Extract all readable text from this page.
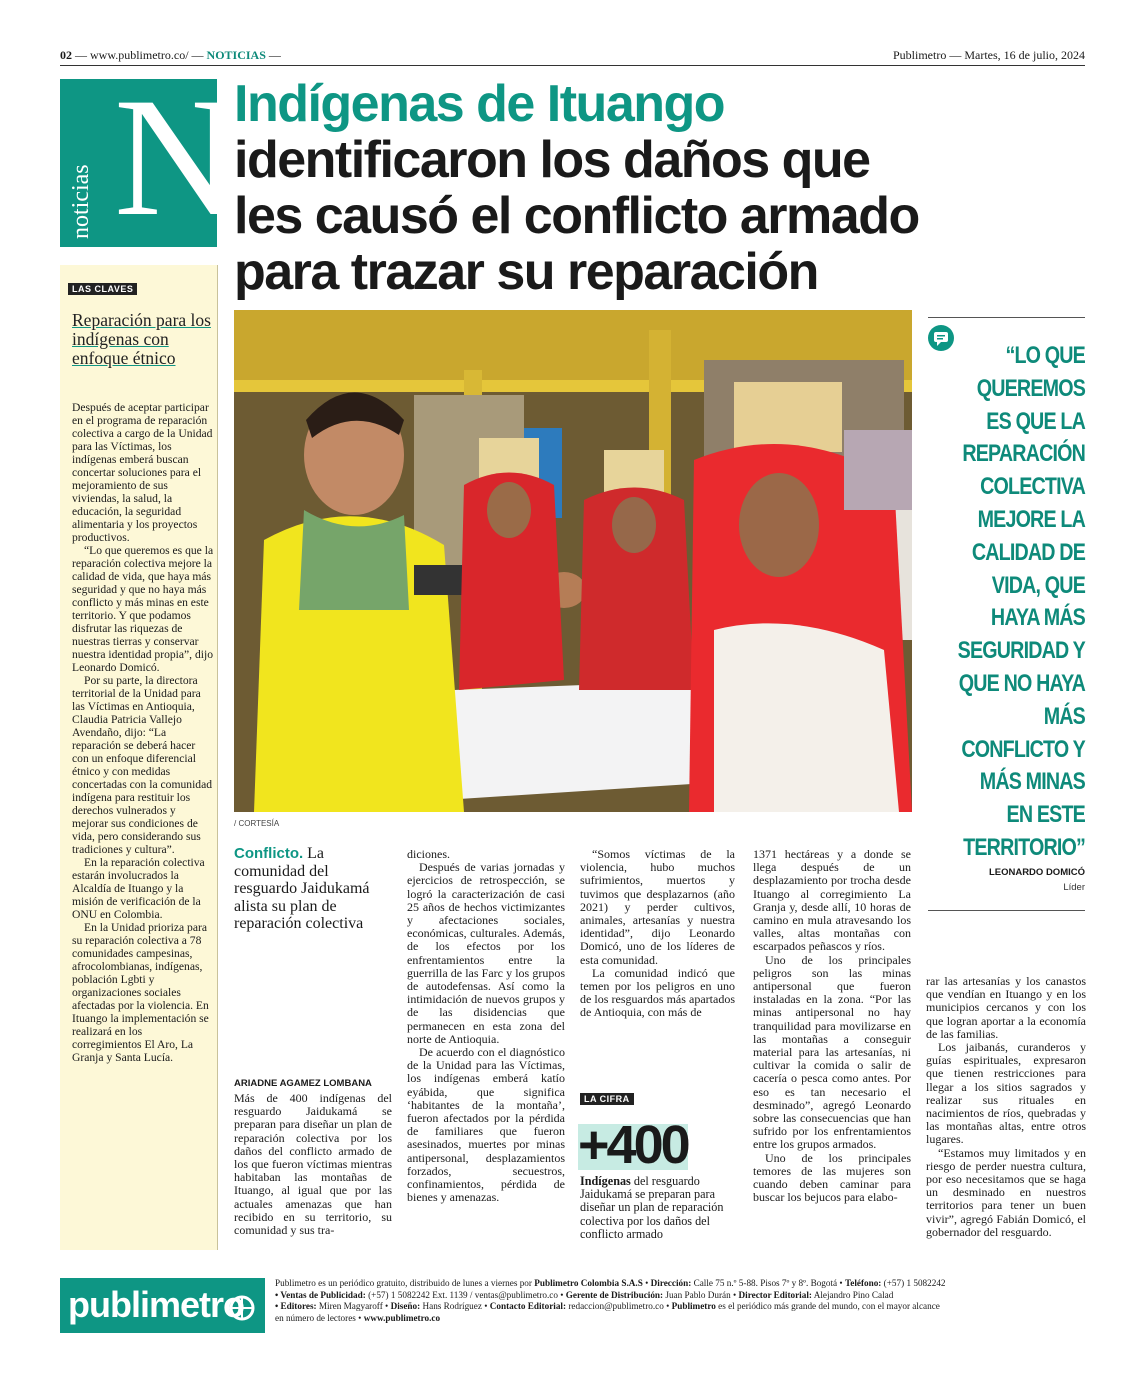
02 — www.publimetro.co/ — NOTICIAS —	Publimetro — Martes, 16 de julio, 2024
noticias N
Indígenas de Ituango
identificaron los daños que
les causó el conflicto armado
para trazar su reparación
LAS CLAVES
Reparación para los indígenas con enfoque étnico

Después de aceptar participar en el programa de reparación colectiva a cargo de la Unidad para las Víctimas, los indígenas emberá buscan concertar soluciones para el mejoramiento de sus viviendas, la salud, la educación, la seguridad alimentaria y los proyectos productivos.

“Lo que queremos es que la reparación colectiva mejore la calidad de vida, que haya más seguridad y que no haya más conflicto y más minas en este territorio. Y que podamos disfrutar las riquezas de nuestras tierras y conservar nuestra identidad propia”, dijo Leonardo Domicó.

Por su parte, la directora territorial de la Unidad para las Víctimas en Antioquia, Claudia Patricia Vallejo Avendaño, dijo: “La reparación se deberá hacer con un enfoque diferencial étnico y con medidas concertadas con la comunidad indígena para restituir los derechos vulnerados y mejorar sus condiciones de vida, pero considerando sus tradiciones y cultura”.

En la reparación colectiva estarán involucrados la Alcaldía de Ituango y la misión de verificación de la ONU en Colombia.

En la Unidad prioriza para su reparación colectiva a 78 comunidades campesinas, afrocolombianas, indígenas, población Lgbti y organizaciones sociales afectadas por la violencia. En Ituango la implementación se realizará en los corregimientos El Aro, La Granja y Santa Lucía.

/ CORTESÍA
“LO QUE QUEREMOS ES QUE LA REPARACIÓN COLECTIVA MEJORE LA CALIDAD DE VIDA, QUE HAYA MÁS SEGURIDAD Y QUE NO HAYA MÁS CONFLICTO Y MÁS MINAS EN ESTE TERRITORIO”
LEONARDO DOMICÓ
Líder
Conflicto. La comunidad del resguardo Jaidukamá alista su plan de reparación colectiva
ARIADNE AGAMEZ LOMBANA

Más de 400 indígenas del resguardo Jaidukamá se preparan para diseñar un plan de reparación colectiva por los daños del conflicto armado de los que fueron víctimas mientras habitaban las montañas de Ituango, al igual que por las actuales amenazas que han recibido en su territorio, su comunidad y sus tra-

diciones.

Después de varias jornadas y ejercicios de retrospección, se logró la caracterización de casi 25 años de hechos victimizantes y afectaciones sociales, económicas, culturales. Además, de los efectos por los enfrentamientos entre la guerrilla de las Farc y los grupos de autodefensas. Así como la intimidación de nuevos grupos y de las disidencias que permanecen en esta zona del norte de Antioquia.

De acuerdo con el diagnóstico de la Unidad para las Víctimas, los indígenas emberá katío eyábida, que significa ‘habitantes de la montaña’, fueron afectados por la pérdida de familiares que fueron asesinados, muertes por minas antipersonal, desplazamientos forzados, secuestros, confinamientos, pérdida de bienes y amenazas.

“Somos víctimas de la violencia, hubo muchos sufrimientos, muertos y tuvimos que desplazarnos (año 2021) y perder cultivos, animales, artesanías y nuestra identidad”, dijo Leonardo Domicó, uno de los líderes de esta comunidad.

La comunidad indicó que temen por los peligros en uno de los resguardos más apartados de Antioquia, con más de

1371 hectáreas y a donde se llega después de un desplazamiento por trocha desde Ituango al corregimiento La Granja y, desde allí, 10 horas de camino en mula atravesando los valles, altas montañas con escarpados peñascos y ríos.

Uno de los principales peligros son las minas antipersonal que fueron instaladas en la zona. “Por las minas antipersonal no hay tranquilidad para movilizarse en las montañas a conseguir material para las artesanías, ni cultivar la comida o salir de cacería o pesca como antes. Por eso es tan necesario el desminado”, agregó Leonardo sobre las consecuencias que han sufrido por los enfrentamientos entre los grupos armados.

Uno de los principales temores de las mujeres son cuando deben caminar para buscar los bejucos para elabo-

rar las artesanías y los canastos que vendían en Ituango y en los municipios cercanos y con los que logran aportar a la economía de las familias.

Los jaibanás, curanderos y guías espirituales, expresaron que tienen restricciones para llegar a los sitios sagrados y realizar sus rituales en nacimientos de ríos, quebradas y las montañas altas, entre otros lugares.

“Estamos muy limitados y en riesgo de perder nuestra cultura, por eso necesitamos que se haga un desminado en nuestros territorios para tener un buen vivir”, agregó Fabián Domicó, el gobernador del resguardo.

LA CIFRA
+400
Indígenas del resguardo Jaidukamá se preparan para diseñar un plan de reparación colectiva por los daños del conflicto armado
publimetro
Publimetro es un periódico gratuito, distribuido de lunes a viernes por Publimetro Colombia S.A.S • Dirección: Calle 75 n.º 5-88. Pisos 7º y 8º. Bogotá • Teléfono: (+57) 1 5082242
• Ventas de Publicidad: (+57) 1 5082242 Ext. 1139 / ventas@publimetro.co • Gerente de Distribución: Juan Pablo Durán • Director Editorial: Alejandro Pino Calad
• Editores: Miren Magyaroff • Diseño: Hans Rodríguez • Contacto Editorial: redaccion@publimetro.co • Publimetro es el periódico más grande del mundo, con el mayor alcance
en número de lectores • www.publimetro.co
